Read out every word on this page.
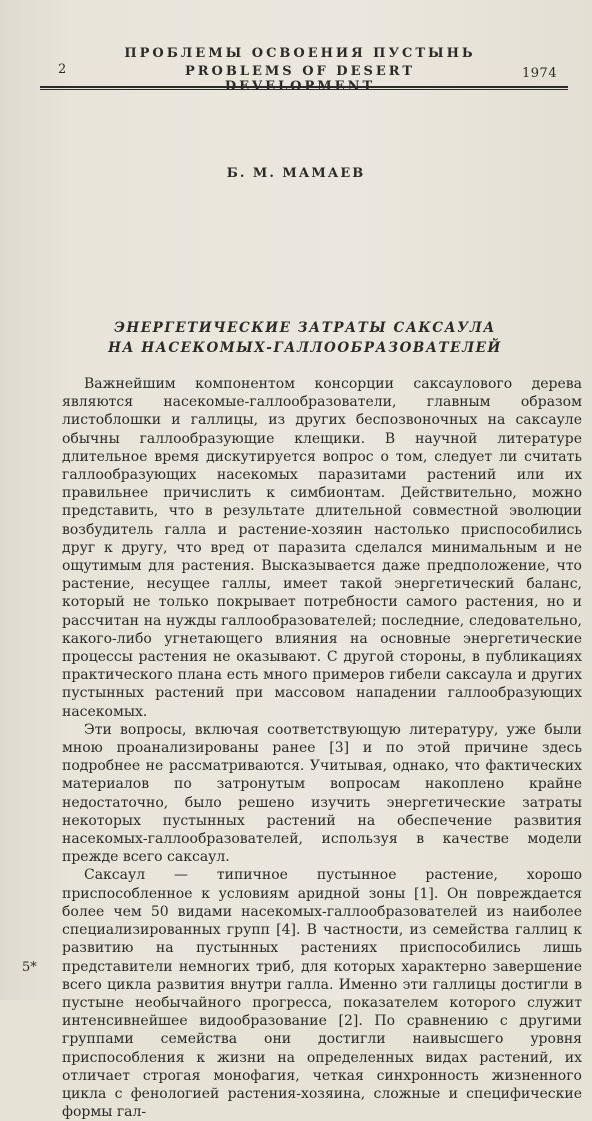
2
ПРОБЛЕМЫ ОСВОЕНИЯ ПУСТЫНЬ
PROBLEMS OF DESERT	1974
Б. М. МАМАЕВ
ЭНЕРГЕТИЧЕСКИЕ ЗАТРАТЫ САКСАУЛА
НА НАСЕКОМЫХ-ГАЛЛООБРАЗОВАТЕЛЕЙ

Важнейшим компонентом консорции саксаулового дерева являются насекомые-галлообразователи, главным образом листоблошки и галлицы, из других беспозвоночных на саксауле обычны галлообразующие клещики. В научной литературе длительное время дискутируется вопрос о том, следует ли считать галлообразующих насекомых паразитами растений или их правильнее причислить к симбионтам. Действительно, можно представить, что в результате длительной совместной эволюции возбудитель галла и растение-хозяин настолько приспособились друг к другу, что вред от паразита сделался минимальным и не ощутимым для растения. Высказывается даже предположение, что растение, несущее галлы, имеет такой энергетический баланс, который не только покрывает потребности самого растения, но и рассчитан на нужды галлообразователей; последние, следовательно, какого-либо угнетающего влияния на основные энергетические процессы растения не оказывают. С другой стороны, в публикациях практического плана есть много примеров гибели саксаула и других пустынных растений при массовом нападении галлообразующих насекомых.

Эти вопросы, включая соответствующую литературу, уже были мною проанализированы ранее [3] и по этой причине здесь подробнее не рассматриваются. Учитывая, однако, что фактических материалов по затронутым вопросам накоплено крайне недостаточно, было решено изучить энергетические затраты некоторых пустынных растений на обеспечение развития насекомых-галлообразователей, используя в качестве модели прежде всего саксаул.

Саксаул — типичное пустынное растение, хорошо приспособленное к условиям аридной зоны [1]. Он повреждается более чем 50 видами насекомых-галлообразователей из наиболее специализированных групп [4]. В частности, из семейства галлиц к развитию на пустынных растениях приспособились лишь представители немногих триб, для которых характерно завершение всего цикла развития внутри галла. Именно эти галлицы достигли в пустыне необычайного прогресса, показателем которого служит интенсивнейшее видообразование [2]. По сравнению с другими группами семейства они достигли наивысшего уровня приспособления к жизни на определенных видах растений, их отличает строгая монофагия, четкая синхронность жизненного цикла с фенологией растения-хозяина, сложные и специфические формы гал-

5*
